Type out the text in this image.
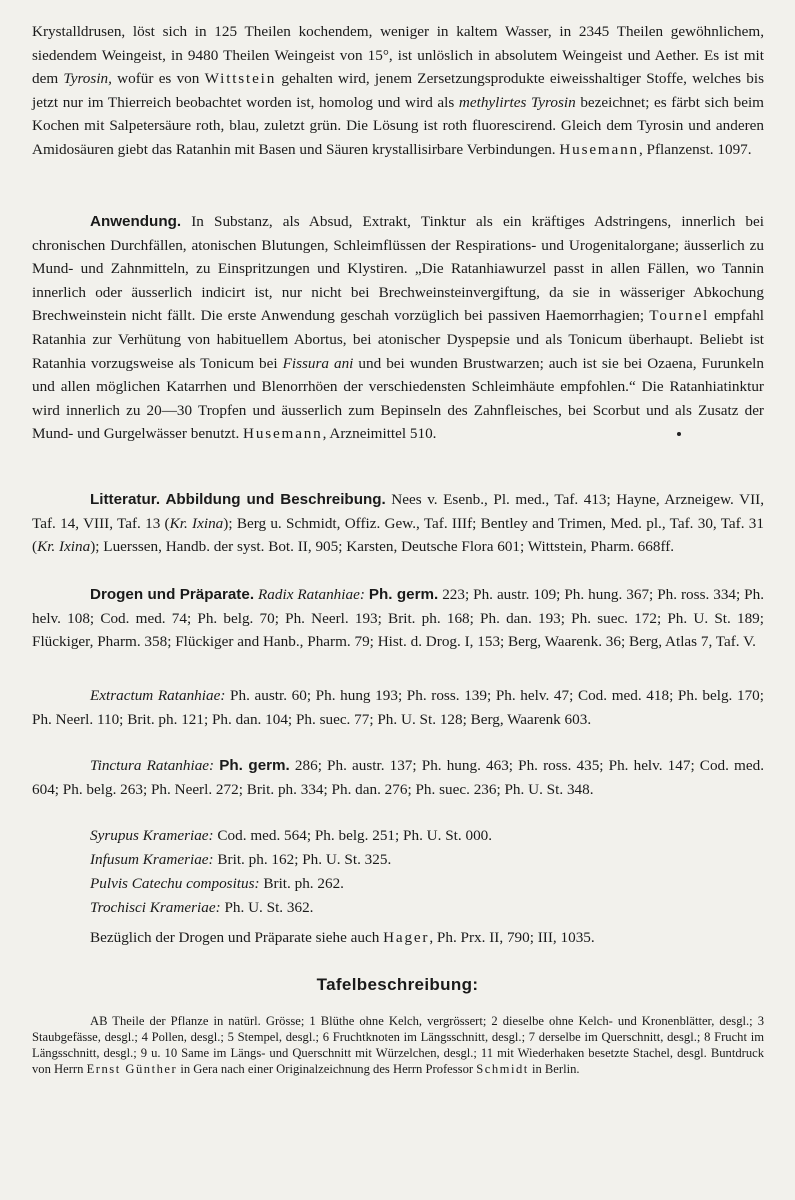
Krystalldrusen, löst sich in 125 Theilen kochendem, weniger in kaltem Wasser, in 2345 Theilen gewöhnlichem, siedendem Weingeist, in 9480 Theilen Weingeist von 15°, ist unlöslich in absolutem Weingeist und Aether. Es ist mit dem Tyrosin, wofür es von Wittstein gehalten wird, jenem Zersetzungsprodukte eiweisshaltiger Stoffe, welches bis jetzt nur im Thierreich beobachtet worden ist, homolog und wird als methylirtes Tyrosin bezeichnet; es färbt sich beim Kochen mit Salpetersäure roth, blau, zuletzt grün. Die Lösung ist roth fluorescirend. Gleich dem Tyrosin und anderen Amidosäuren giebt das Ratanhin mit Basen und Säuren krystallisirbare Verbindungen. Husemann, Pflanzenst. 1097.
Anwendung. In Substanz, als Absud, Extrakt, Tinktur als ein kräftiges Adstringens, innerlich bei chronischen Durchfällen, atonischen Blutungen, Schleimflüssen der Respirations- und Urogenitalorgane; äusserlich zu Mund- und Zahnmitteln, zu Einspritzungen und Klystiren. „Die Ratanhiawurzel passt in allen Fällen, wo Tannin innerlich oder äusserlich indicirt ist, nur nicht bei Brechweinsteinvergiftung, da sie in wässeriger Abkochung Brechweinstein nicht fällt. Die erste Anwendung geschah vorzüglich bei passiven Haemorrhagien; Tournel empfahl Ratanhia zur Verhütung von habituellem Abortus, bei atonischer Dyspepsie und als Tonicum überhaupt. Beliebt ist Ratanhia vorzugsweise als Tonicum bei Fissura ani und bei wunden Brustwarzen; auch ist sie bei Ozaena, Furunkeln und allen möglichen Katarrhen und Blenorrhöen der verschiedensten Schleimhäute empfohlen.“ Die Ratanhiatinktur wird innerlich zu 20—30 Tropfen und äusserlich zum Bepinseln des Zahnfleisches, bei Scorbut und als Zusatz der Mund- und Gurgelwässer benutzt. Husemann, Arzneimittel 510.
Litteratur. Abbildung und Beschreibung. Nees v. Esenb., Pl. med., Taf. 413; Hayne, Arzneigew. VII, Taf. 14, VIII, Taf. 13 (Kr. Ixina); Berg u. Schmidt, Offiz. Gew., Taf. IIIf; Bentley and Trimen, Med. pl., Taf. 30, Taf. 31 (Kr. Ixina); Luerssen, Handb. der syst. Bot. II, 905; Karsten, Deutsche Flora 601; Wittstein, Pharm. 668ff.
Drogen und Präparate. Radix Ratanhiae: Ph. germ. 223; Ph. austr. 109; Ph. hung. 367; Ph. ross. 334; Ph. helv. 108; Cod. med. 74; Ph. belg. 70; Ph. Neerl. 193; Brit. ph. 168; Ph. dan. 193; Ph. suec. 172; Ph. U. St. 189; Flückiger, Pharm. 358; Flückiger and Hanb., Pharm. 79; Hist. d. Drog. I, 153; Berg, Waarenk. 36; Berg, Atlas 7, Taf. V.
Extractum Ratanhiae: Ph. austr. 60; Ph. hung 193; Ph. ross. 139; Ph. helv. 47; Cod. med. 418; Ph. belg. 170; Ph. Neerl. 110; Brit. ph. 121; Ph. dan. 104; Ph. suec. 77; Ph. U. St. 128; Berg, Waarenk 603.
Tinctura Ratanhiae: Ph. germ. 286; Ph. austr. 137; Ph. hung. 463; Ph. ross. 435; Ph. helv. 147; Cod. med. 604; Ph. belg. 263; Ph. Neerl. 272; Brit. ph. 334; Ph. dan. 276; Ph. suec. 236; Ph. U. St. 348.
Syrupus Krameriae: Cod. med. 564; Ph. belg. 251; Ph. U. St. 000.
Infusum Krameriae: Brit. ph. 162; Ph. U. St. 325.
Pulvis Catechu compositus: Brit. ph. 262.
Trochisci Krameriae: Ph. U. St. 362.
Bezüglich der Drogen und Präparate siehe auch Hager, Ph. Prx. II, 790; III, 1035.
Tafelbeschreibung:
AB Theile der Pflanze in natürl. Grösse; 1 Blüthe ohne Kelch, vergrössert; 2 dieselbe ohne Kelch- und Kronenblätter, desgl.; 3 Staubgefässe, desgl.; 4 Pollen, desgl.; 5 Stempel, desgl.; 6 Fruchtknoten im Längsschnitt, desgl.; 7 derselbe im Querschnitt, desgl.; 8 Frucht im Längsschnitt, desgl.; 9 u. 10 Same im Längs- und Querschnitt mit Würzelchen, desgl.; 11 mit Wiederhaken besetzte Stachel, desgl. Buntdruck von Herrn Ernst Günther in Gera nach einer Originalzeichnung des Herrn Professor Schmidt in Berlin.
